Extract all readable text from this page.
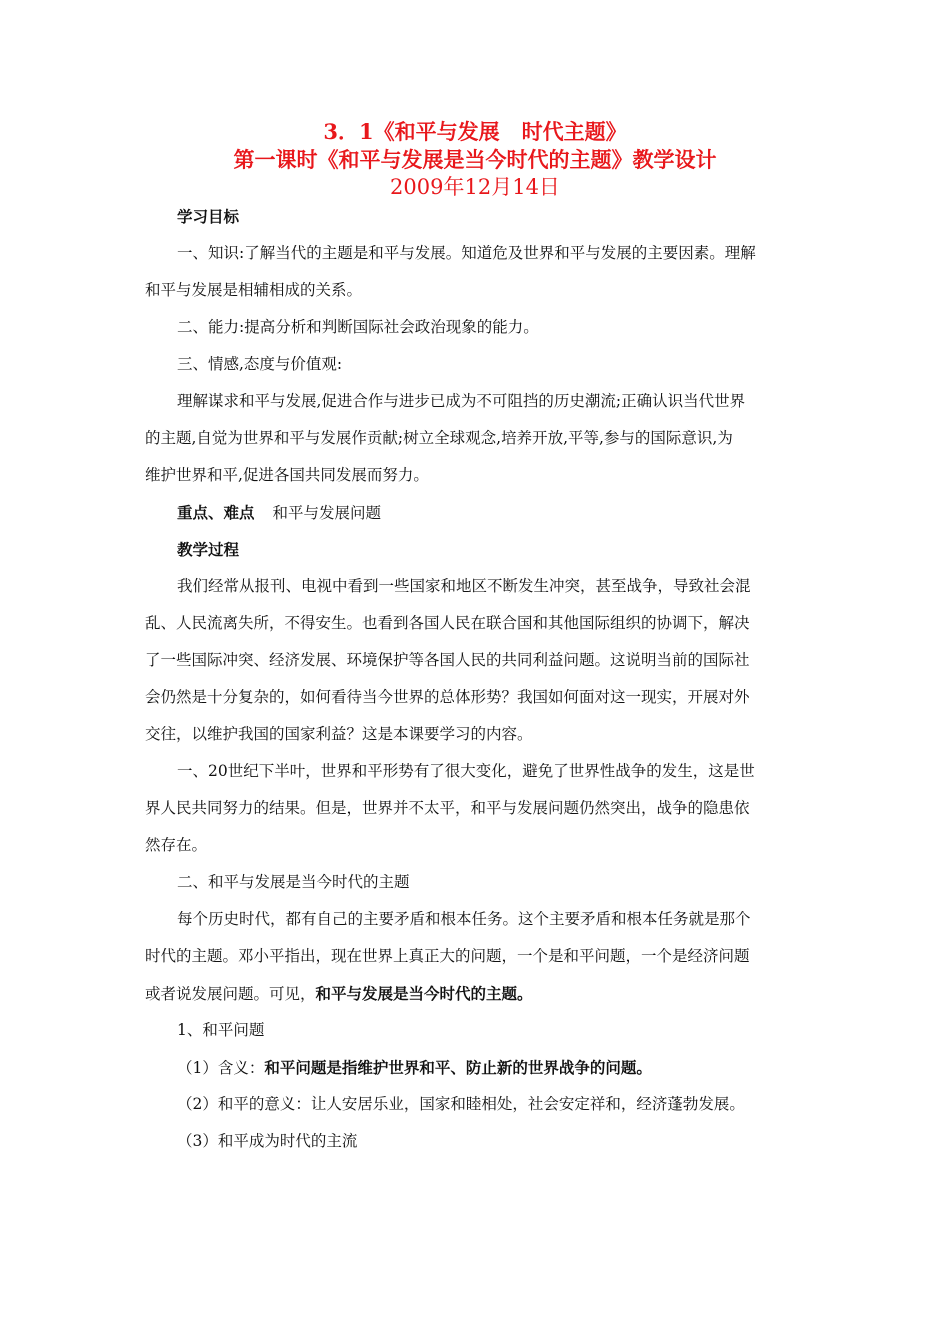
3．1《和平与发展   时代主题》
第一课时《和平与发展是当今时代的主题》教学设计
2009年12月14日
学习目标
一、知识:了解当代的主题是和平与发展。知道危及世界和平与发展的主要因素。理解
和平与发展是相辅相成的关系。
二、能力:提高分析和判断国际社会政治现象的能力。
三、情感,态度与价值观:
理解谋求和平与发展,促进合作与进步已成为不可阻挡的历史潮流;正确认识当代世界
的主题,自觉为世界和平与发展作贡献;树立全球观念,培养开放,平等,参与的国际意识,为
维护世界和平,促进各国共同发展而努力。
重点、难点 和平与发展问题
教学过程
我们经常从报刊、电视中看到一些国家和地区不断发生冲突，甚至战争，导致社会混
乱、人民流离失所，不得安生。也看到各国人民在联合国和其他国际组织的协调下，解决
了一些国际冲突、经济发展、环境保护等各国人民的共同利益问题。这说明当前的国际社
会仍然是十分复杂的，如何看待当今世界的总体形势？我国如何面对这一现实，开展对外
交往，以维护我国的国家利益？这是本课要学习的内容。
一、20世纪下半叶，世界和平形势有了很大变化，避免了世界性战争的发生，这是世
界人民共同努力的结果。但是，世界并不太平，和平与发展问题仍然突出，战争的隐患依
然存在。
二、和平与发展是当今时代的主题
每个历史时代，都有自己的主要矛盾和根本任务。这个主要矛盾和根本任务就是那个
时代的主题。邓小平指出，现在世界上真正大的问题，一个是和平问题，一个是经济问题
或者说发展问题。可见，和平与发展是当今时代的主题。
1、和平问题
（1）含义：和平问题是指维护世界和平、防止新的世界战争的问题。
（2）和平的意义：让人安居乐业，国家和睦相处，社会安定祥和，经济蓬勃发展。
（3）和平成为时代的主流
